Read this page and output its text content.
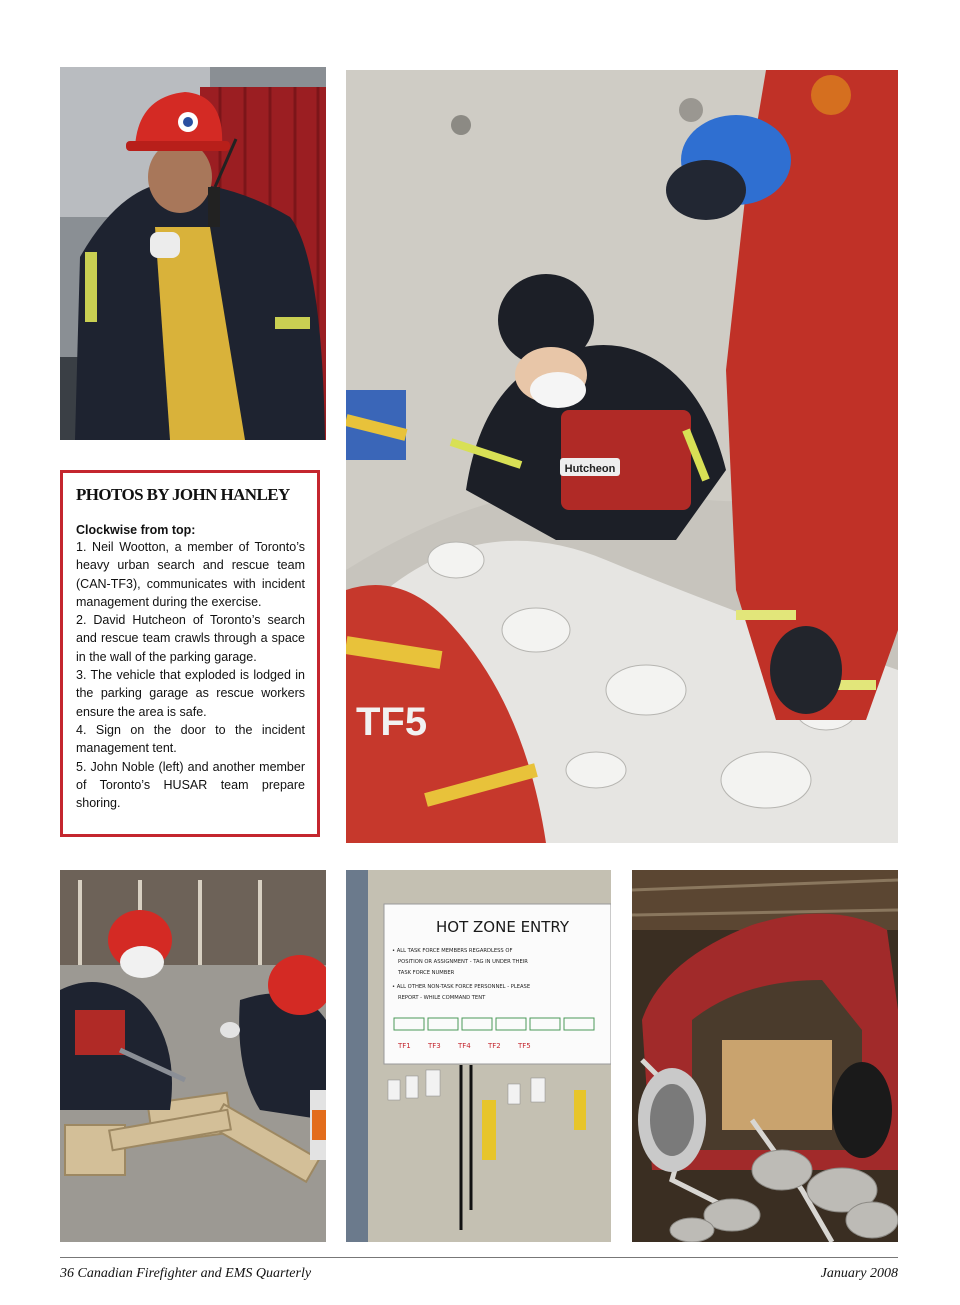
Hutcheon
TF5
PHOTOS BY JOHN HANLEY
Clockwise from top:

1. Neil Wootton, a member of Toronto’s heavy urban search and rescue team (CAN-TF3), communicates with incident management during the exercise.

2. David Hutcheon of Toronto’s search and rescue team crawls through a space in the wall of the parking garage.

3. The vehicle that exploded is lodged in the parking garage as rescue workers ensure the area is safe.

4. Sign on the door to the incident management tent.

5. John Noble (left) and another member of Toronto’s HUSAR team prepare shoring.

HOT ZONE ENTRY
• ALL TASK FORCE MEMBERS REGARDLESS OF
POSITION OR ASSIGNMENT - TAG IN UNDER THEIR
TASK FORCE NUMBER
• ALL OTHER NON-TASK FORCE PERSONNEL - PLEASE
REPORT - WHILE COMMAND TENT
TF1 TF3 TF4 TF2 TF5
36 Canadian Firefighter and EMS Quarterly	January 2008
